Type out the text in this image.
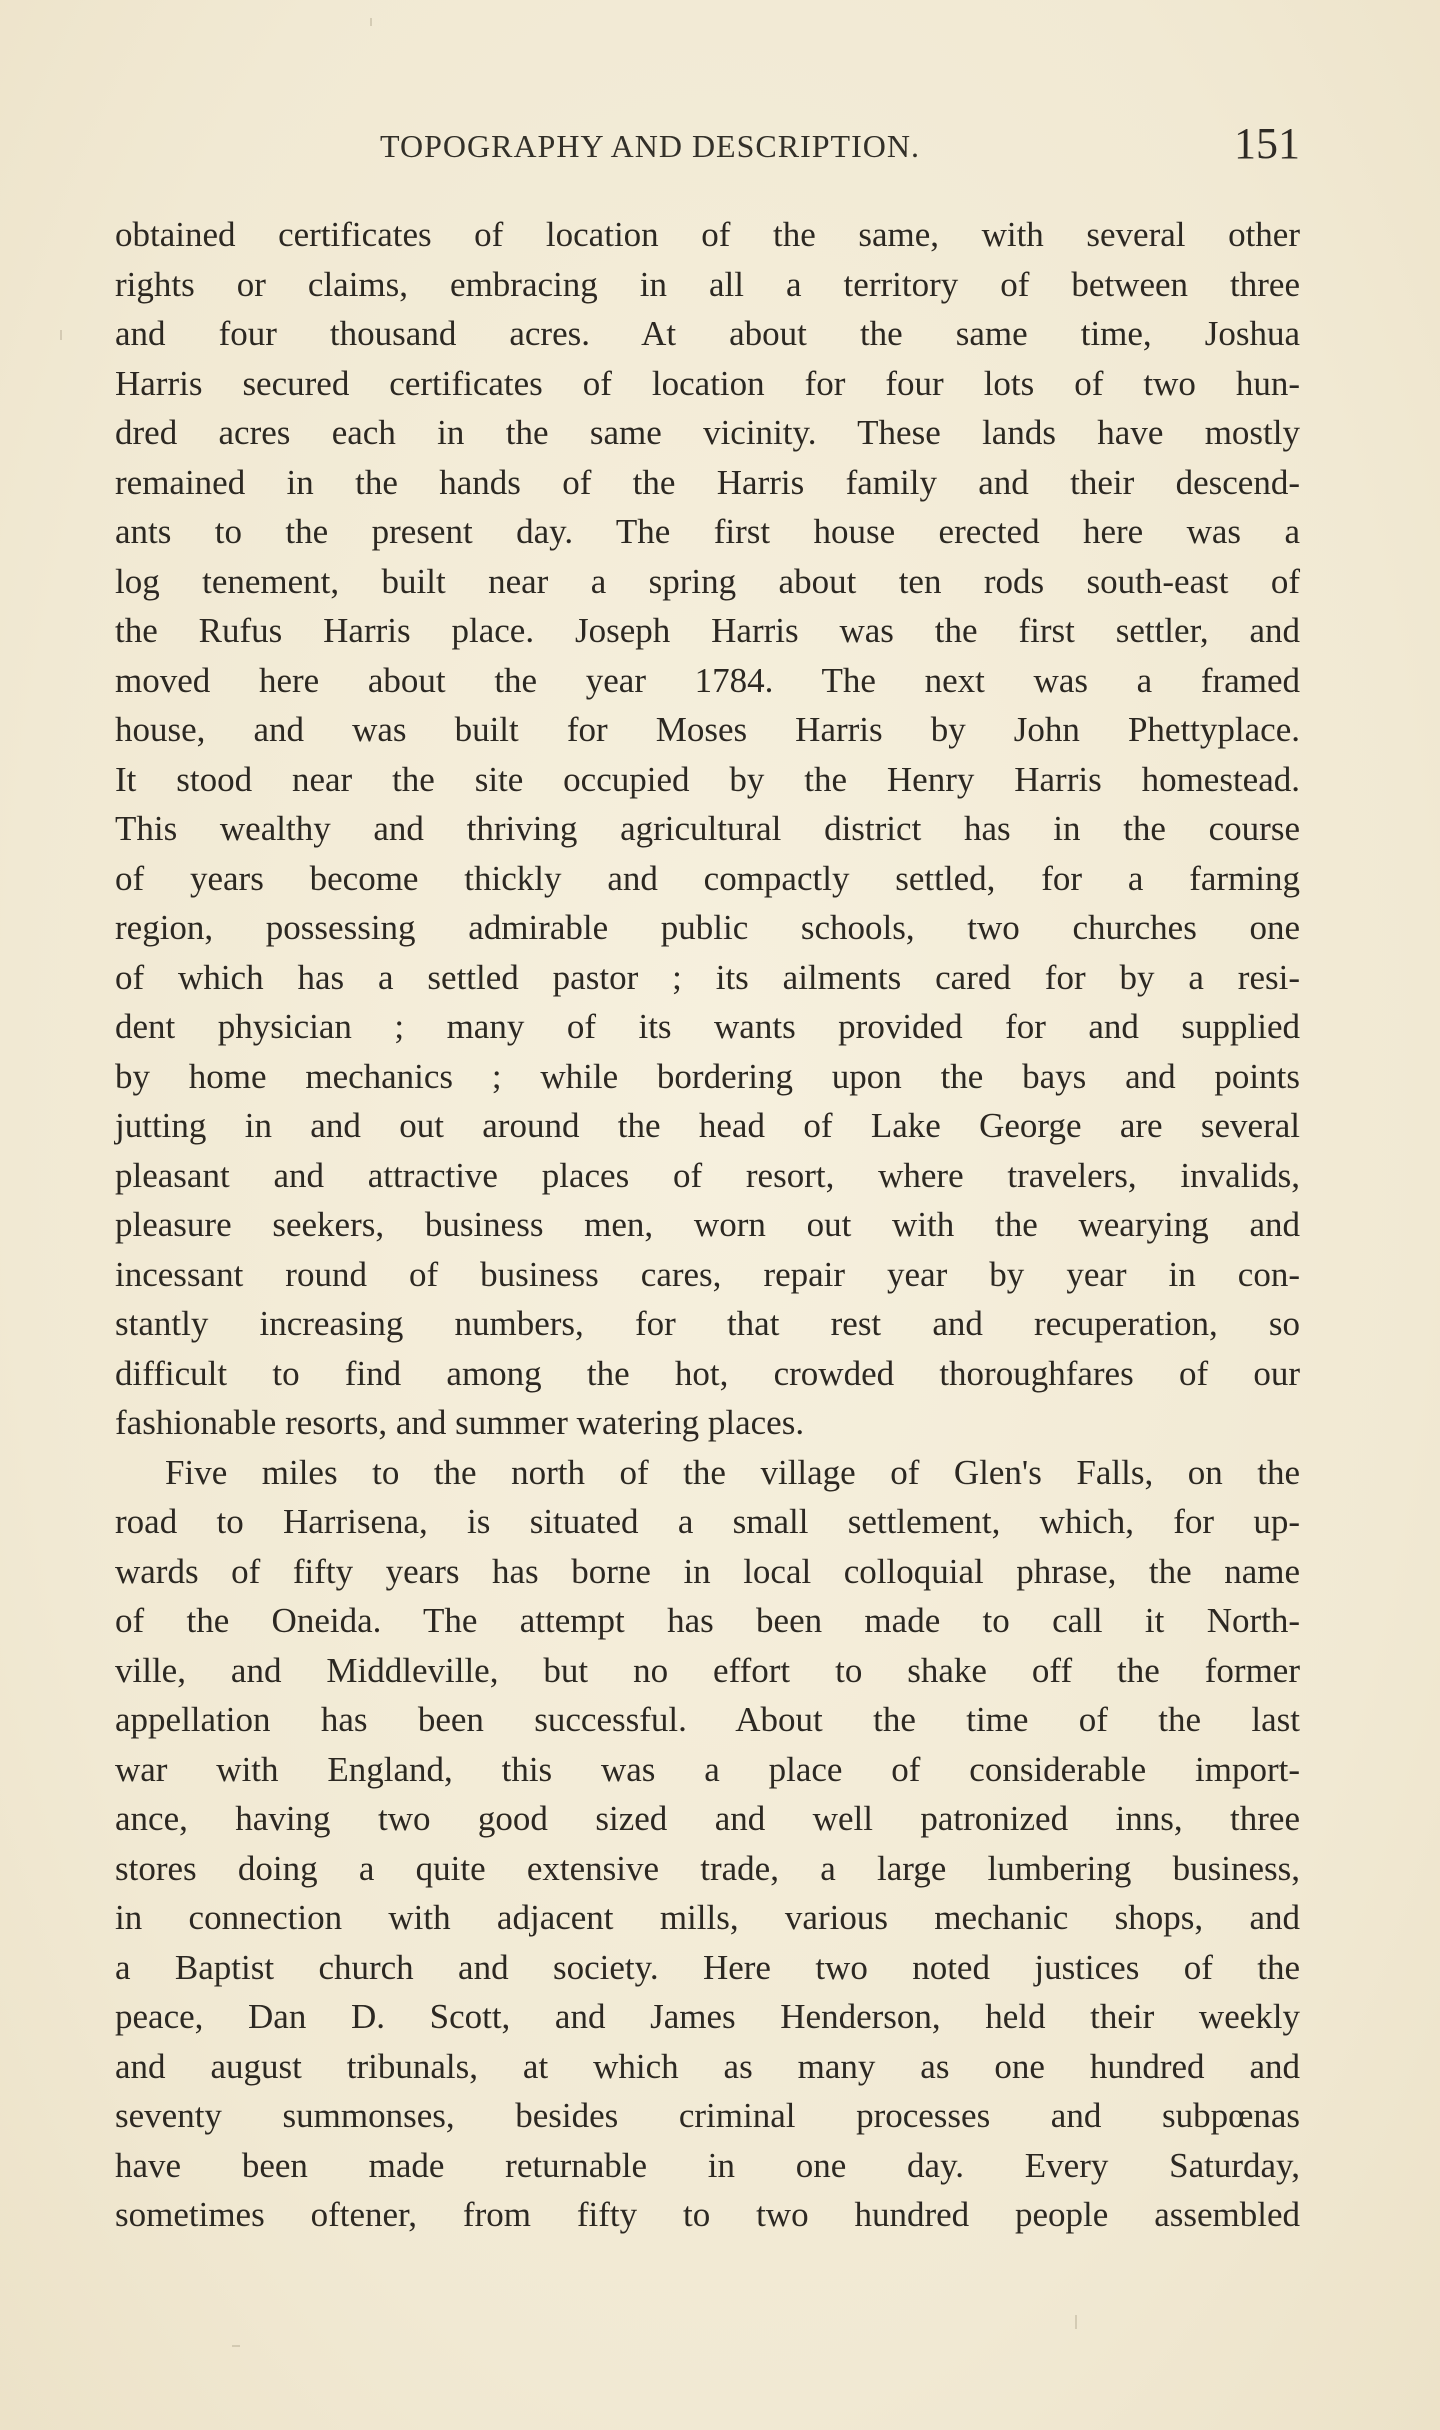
TOPOGRAPHY AND DESCRIPTION.	151
obtained certificates of location of the same, with several other
rights or claims, embracing in all a territory of between three
and four thousand acres. At about the same time, Joshua
Harris secured certificates of location for four lots of two hun-
dred acres each in the same vicinity. These lands have mostly
remained in the hands of the Harris family and their descend-
ants to the present day. The first house erected here was a
log tenement, built near a spring about ten rods south-east of
the Rufus Harris place. Joseph Harris was the first settler, and
moved here about the year 1784. The next was a framed
house, and was built for Moses Harris by John Phettyplace.
It stood near the site occupied by the Henry Harris homestead.
This wealthy and thriving agricultural district has in the course
of years become thickly and compactly settled, for a farming
region, possessing admirable public schools, two churches one
of which has a settled pastor ; its ailments cared for by a resi-
dent physician ; many of its wants provided for and supplied
by home mechanics ; while bordering upon the bays and points
jutting in and out around the head of Lake George are several
pleasant and attractive places of resort, where travelers, invalids,
pleasure seekers, business men, worn out with the wearying and
incessant round of business cares, repair year by year in con-
stantly increasing numbers, for that rest and recuperation, so
difficult to find among the hot, crowded thoroughfares of our
fashionable resorts, and summer watering places.
Five miles to the north of the village of Glen's Falls, on the
road to Harrisena, is situated a small settlement, which, for up-
wards of fifty years has borne in local colloquial phrase, the name
of the Oneida. The attempt has been made to call it North-
ville, and Middleville, but no effort to shake off the former
appellation has been successful. About the time of the last
war with England, this was a place of considerable import-
ance, having two good sized and well patronized inns, three
stores doing a quite extensive trade, a large lumbering business,
in connection with adjacent mills, various mechanic shops, and
a Baptist church and society. Here two noted justices of the
peace, Dan D. Scott, and James Henderson, held their weekly
and august tribunals, at which as many as one hundred and
seventy summonses, besides criminal processes and subpœnas
have been made returnable in one day. Every Saturday,
sometimes oftener, from fifty to two hundred people assembled
